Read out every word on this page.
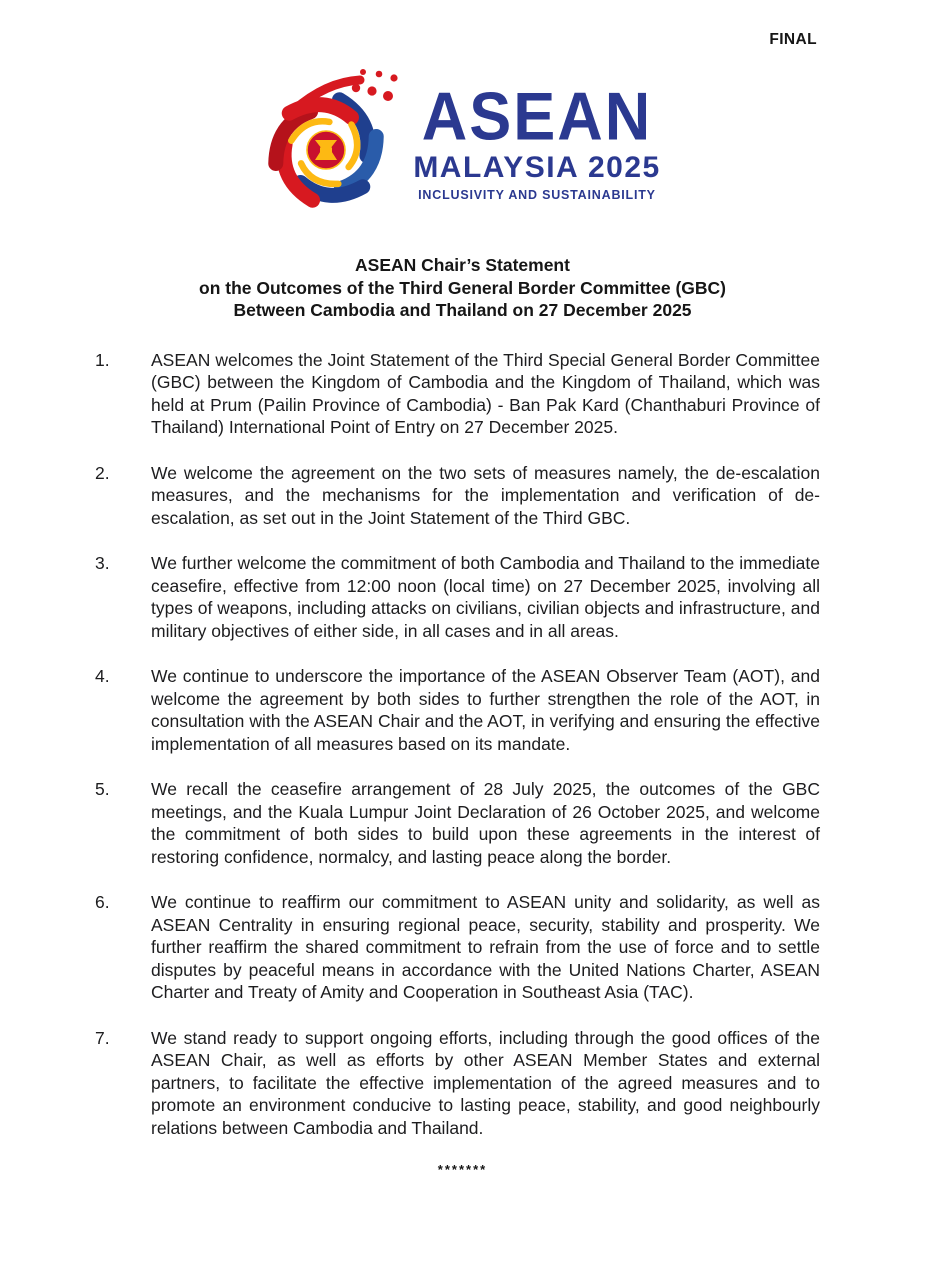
FINAL
ASEAN
MALAYSIA 2025
INCLUSIVITY AND SUSTAINABILITY
ASEAN Chair’s Statement
on the Outcomes of the Third General Border Committee (GBC)
Between Cambodia and Thailand on 27 December 2025
1.	ASEAN welcomes the Joint Statement of the Third Special General Border Committee (GBC) between the Kingdom of Cambodia and the Kingdom of Thailand, which was held at Prum (Pailin Province of Cambodia) - Ban Pak Kard (Chanthaburi Province of Thailand) International Point of Entry on 27 December 2025.
2.	We welcome the agreement on the two sets of measures namely, the de-escalation measures, and the mechanisms for the implementation and verification of de-escalation, as set out in the Joint Statement of the Third GBC.
3.	We further welcome the commitment of both Cambodia and Thailand to the immediate ceasefire, effective from 12:00 noon (local time) on 27 December 2025, involving all types of weapons, including attacks on civilians, civilian objects and infrastructure, and military objectives of either side, in all cases and in all areas.
4.	We continue to underscore the importance of the ASEAN Observer Team (AOT), and welcome the agreement by both sides to further strengthen the role of the AOT, in consultation with the ASEAN Chair and the AOT, in verifying and ensuring the effective implementation of all measures based on its mandate.
5.	We recall the ceasefire arrangement of 28 July 2025, the outcomes of the GBC meetings, and the Kuala Lumpur Joint Declaration of 26 October 2025, and welcome the commitment of both sides to build upon these agreements in the interest of restoring confidence, normalcy, and lasting peace along the border.
6.	We continue to reaffirm our commitment to ASEAN unity and solidarity, as well as ASEAN Centrality in ensuring regional peace, security, stability and prosperity. We further reaffirm the shared commitment to refrain from the use of force and to settle disputes by peaceful means in accordance with the United Nations Charter, ASEAN Charter and Treaty of Amity and Cooperation in Southeast Asia (TAC).
7.	We stand ready to support ongoing efforts, including through the good offices of the ASEAN Chair, as well as efforts by other ASEAN Member States and external partners, to facilitate the effective implementation of the agreed measures and to promote an environment conducive to lasting peace, stability, and good neighbourly relations between Cambodia and Thailand.
*******
